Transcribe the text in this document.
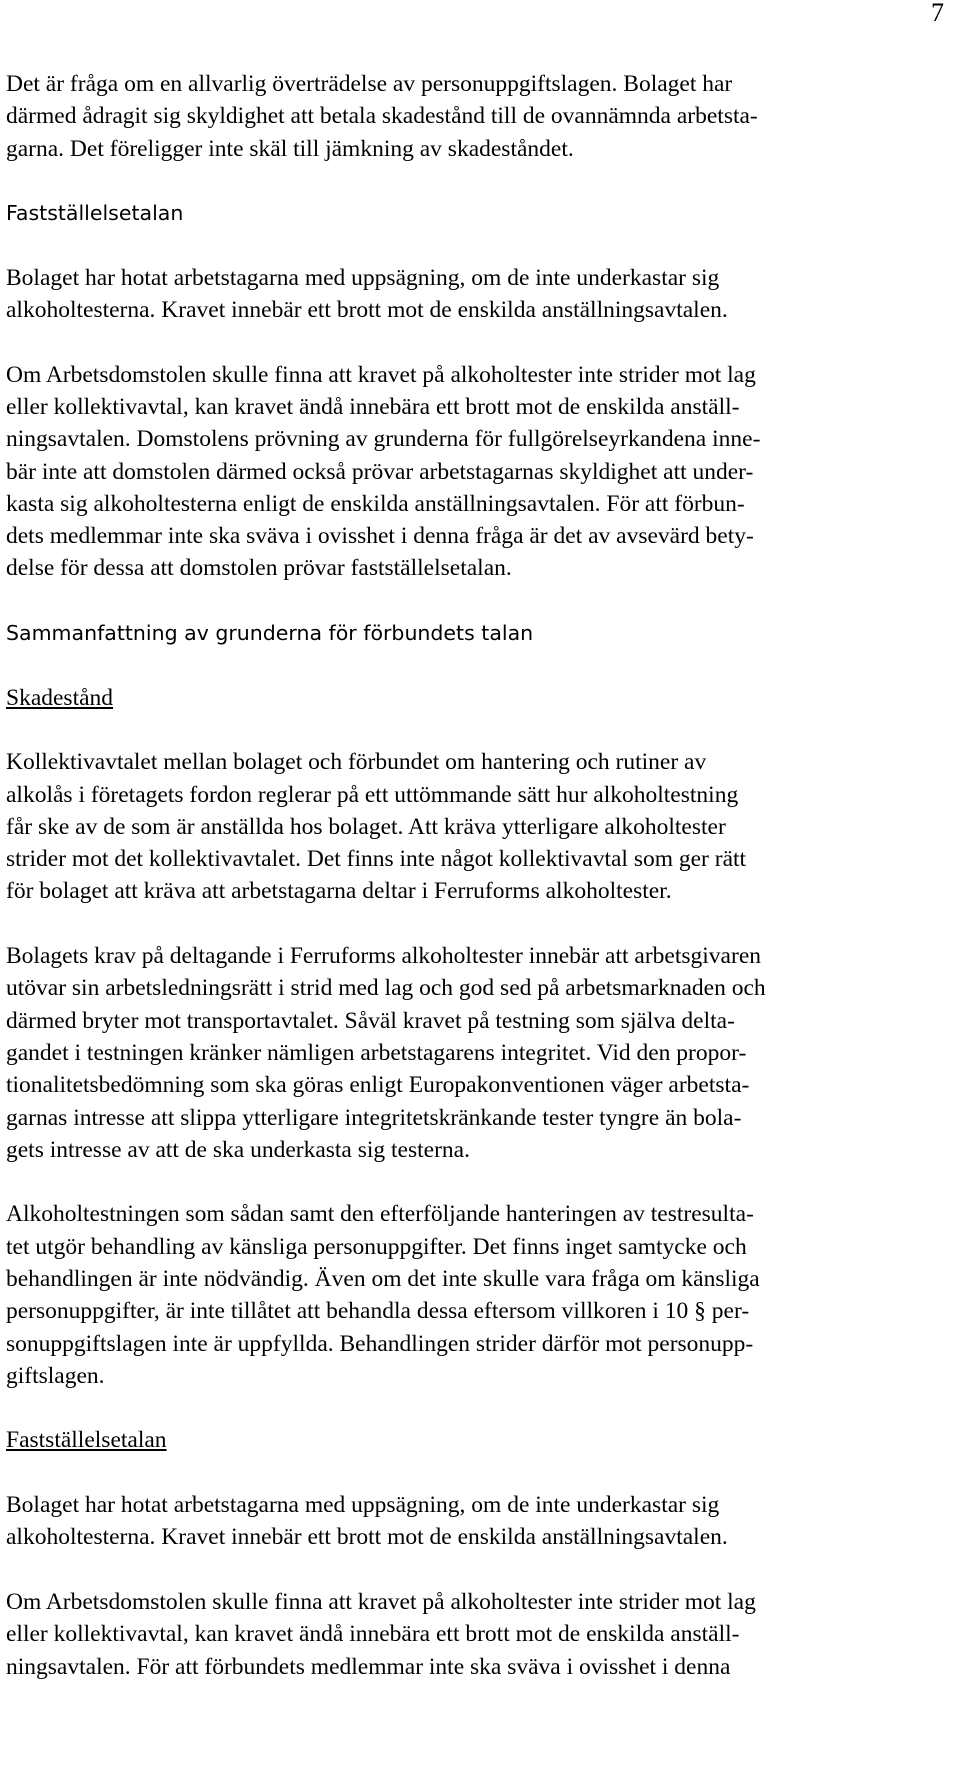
7
Det är fråga om en allvarlig överträdelse av personuppgiftslagen. Bolaget har
därmed ådragit sig skyldighet att betala skadestånd till de ovannämnda arbetsta-
garna. Det föreligger inte skäl till jämkning av skadeståndet.
Fastställelsetalan
Bolaget har hotat arbetstagarna med uppsägning, om de inte underkastar sig
alkoholtesterna. Kravet innebär ett brott mot de enskilda anställningsavtalen.
Om Arbetsdomstolen skulle finna att kravet på alkoholtester inte strider mot lag
eller kollektivavtal, kan kravet ändå innebära ett brott mot de enskilda anställ-
ningsavtalen. Domstolens prövning av grunderna för fullgörelseyrkandena inne-
bär inte att domstolen därmed också prövar arbetstagarnas skyldighet att under-
kasta sig alkoholtesterna enligt de enskilda anställningsavtalen. För att förbun-
dets medlemmar inte ska sväva i ovisshet i denna fråga är det av avsevärd bety-
delse för dessa att domstolen prövar fastställelsetalan.
Sammanfattning av grunderna för förbundets talan
Skadestånd
Kollektivavtalet mellan bolaget och förbundet om hantering och rutiner av
alkolås i företagets fordon reglerar på ett uttömmande sätt hur alkoholtestning
får ske av de som är anställda hos bolaget. Att kräva ytterligare alkoholtester
strider mot det kollektivavtalet. Det finns inte något kollektivavtal som ger rätt
för bolaget att kräva att arbetstagarna deltar i Ferruforms alkoholtester.
Bolagets krav på deltagande i Ferruforms alkoholtester innebär att arbetsgivaren
utövar sin arbetsledningsrätt i strid med lag och god sed på arbetsmarknaden och
därmed bryter mot transportavtalet. Såväl kravet på testning som själva delta-
gandet i testningen kränker nämligen arbetstagarens integritet. Vid den propor-
tionalitetsbedömning som ska göras enligt Europakonventionen väger arbetsta-
garnas intresse att slippa ytterligare integritetskränkande tester tyngre än bola-
gets intresse av att de ska underkasta sig testerna.
Alkoholtestningen som sådan samt den efterföljande hanteringen av testresulta-
tet utgör behandling av känsliga personuppgifter. Det finns inget samtycke och
behandlingen är inte nödvändig. Även om det inte skulle vara fråga om känsliga
personuppgifter, är inte tillåtet att behandla dessa eftersom villkoren i 10 § per-
sonuppgiftslagen inte är uppfyllda. Behandlingen strider därför mot personupp-
giftslagen.
Fastställelsetalan
Bolaget har hotat arbetstagarna med uppsägning, om de inte underkastar sig
alkoholtesterna. Kravet innebär ett brott mot de enskilda anställningsavtalen.
Om Arbetsdomstolen skulle finna att kravet på alkoholtester inte strider mot lag
eller kollektivavtal, kan kravet ändå innebära ett brott mot de enskilda anställ-
ningsavtalen. För att förbundets medlemmar inte ska sväva i ovisshet i denna
